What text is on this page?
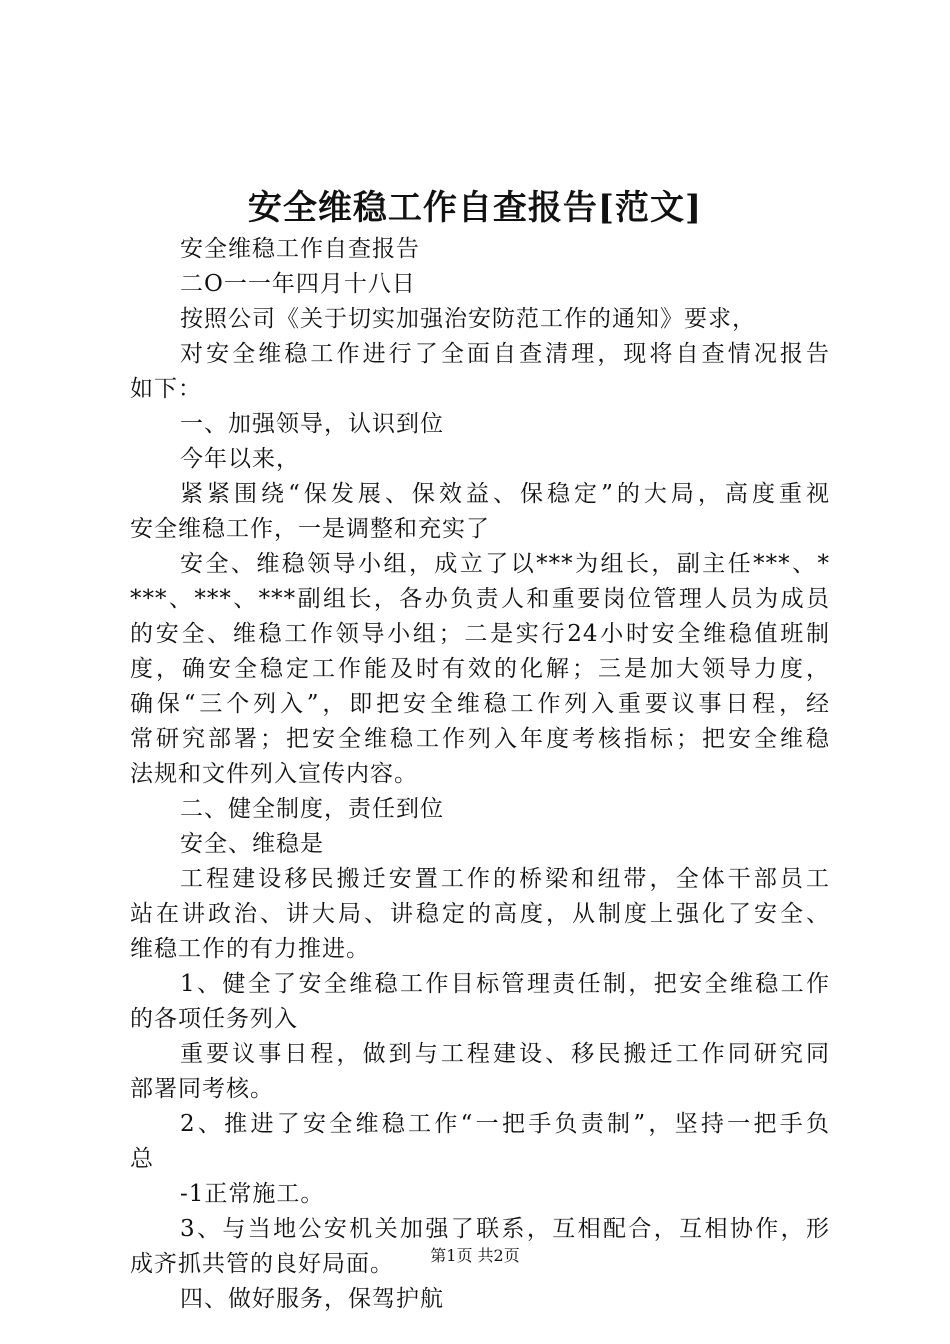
安全维稳工作自查报告[范文]
安全维稳工作自查报告
二O一一年四月十八日
按照公司《关于切实加强治安防范工作的通知》要求，
对安全维稳工作进行了全面自查清理，现将自查情况报告
如下：
一、加强领导，认识到位
今年以来，
紧紧围绕“保发展、保效益、保稳定”的大局，高度重视
安全维稳工作，一是调整和充实了
安全、维稳领导小组，成立了以***为组长，副主任***、*
***、***、***副组长，各办负责人和重要岗位管理人员为成员
的安全、维稳工作领导小组；二是实行24小时安全维稳值班制
度，确安全稳定工作能及时有效的化解；三是加大领导力度，
确保“三个列入”，即把安全维稳工作列入重要议事日程，经
常研究部署；把安全维稳工作列入年度考核指标；把安全维稳
法规和文件列入宣传内容。
二、健全制度，责任到位
安全、维稳是
工程建设移民搬迁安置工作的桥梁和纽带，全体干部员工
站在讲政治、讲大局、讲稳定的高度，从制度上强化了安全、
维稳工作的有力推进。
1、健全了安全维稳工作目标管理责任制，把安全维稳工作
的各项任务列入
重要议事日程，做到与工程建设、移民搬迁工作同研究同
部署同考核。
2、推进了安全维稳工作“一把手负责制”，坚持一把手负
总
-1正常施工。
3、与当地公安机关加强了联系，互相配合，互相协作，形
成齐抓共管的良好局面。
四、做好服务，保驾护航
第1页 共2页
